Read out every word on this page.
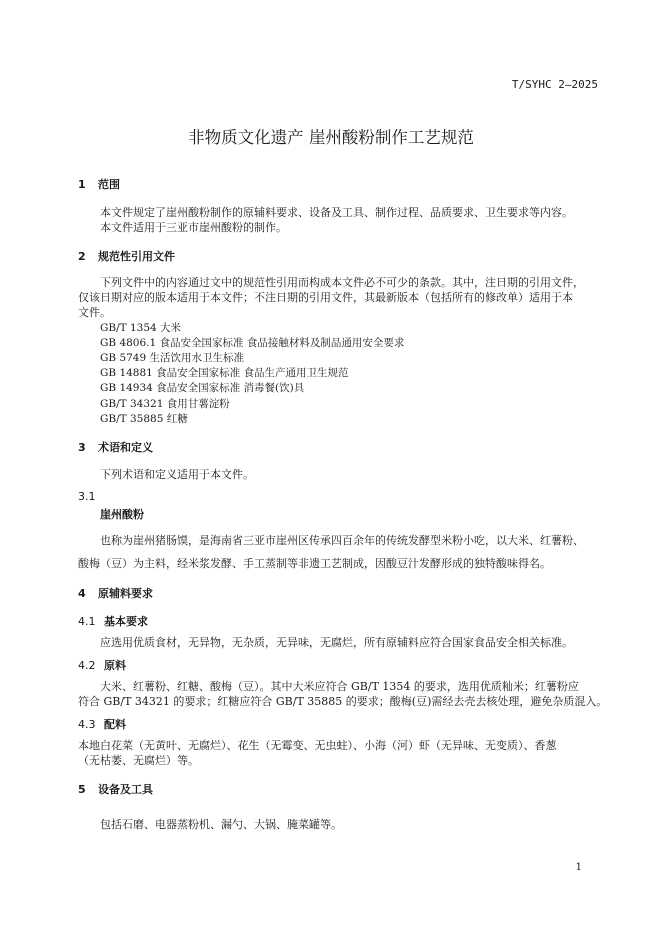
T/SYHC 2—2025
非物质文化遗产 崖州酸粉制作工艺规范
1 范围
本文件规定了崖州酸粉制作的原辅料要求、设备及工具、制作过程、品质要求、卫生要求等内容。
本文件适用于三亚市崖州酸粉的制作。
2 规范性引用文件
下列文件中的内容通过文中的规范性引用而构成本文件必不可少的条款。其中，注日期的引用文件，
仅该日期对应的版本适用于本文件；不注日期的引用文件，其最新版本（包括所有的修改单）适用于本
文件。
GB/T 1354 大米
GB 4806.1 食品安全国家标准 食品接触材料及制品通用安全要求
GB 5749 生活饮用水卫生标准
GB 14881 食品安全国家标准 食品生产通用卫生规范
GB 14934 食品安全国家标准 消毒餐(饮)具
GB/T 34321 食用甘薯淀粉
GB/T 35885 红糖
3 术语和定义
下列术语和定义适用于本文件。
3.1
崖州酸粉
也称为崖州猪肠馍，是海南省三亚市崖州区传承四百余年的传统发酵型米粉小吃，以大米、红薯粉、
酸梅（豆）为主料，经米浆发酵、手工蒸制等非遗工艺制成，因酸豆汁发酵形成的独特酸味得名。
4 原辅料要求
4.1 基本要求
应选用优质食材，无异物，无杂质，无异味，无腐烂，所有原辅料应符合国家食品安全相关标准。
4.2 原料
大米、红薯粉、红糖、酸梅（豆）。其中大米应符合 GB/T 1354 的要求，选用优质籼米；红薯粉应
符合 GB/T 34321 的要求；红糖应符合 GB/T 35885 的要求；酸梅(豆)需经去壳去核处理，避免杂质混入。
4.3 配料
本地白花菜（无黄叶、无腐烂）、花生（无霉变、无虫蛀）、小海（河）虾（无异味、无变质）、香葱
（无枯萎、无腐烂）等。
5 设备及工具
包括石磨、电器蒸粉机、漏勺、大锅、腌菜罐等。
1
